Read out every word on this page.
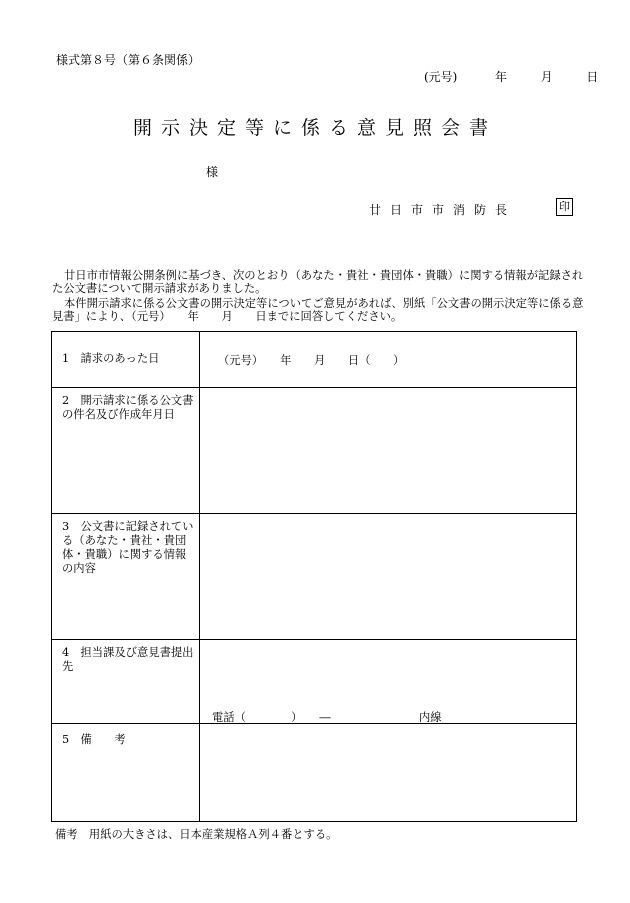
様式第８号（第６条関係）
(元号)	年	月	日
開示決定等に係る意見照会書
様
廿日市市消防長	印
廿日市市情報公開条例に基づき、次のとおり（あなた・貴社・貴団体・貴職）に関する情報が記録された公文書について開示請求がありました。
本件開示請求に係る公文書の開示決定等についてご意見があれば、別紙「公文書の開示決定等に係る意見書」により、（元号）　　年　　月　　日までに回答してください。
1　請求のあった日	（元号）　　年　　月　　日（　　）
2　開示請求に係る公文書の件名及び作成年月日
3　公文書に記録されている（あなた・貴社・貴団体・貴職）に関する情報の内容
4　担当課及び意見書提出先
電話（　　　　）　　―	内線
5　備　　考
備考　用紙の大きさは、日本産業規格Ａ列４番とする。
